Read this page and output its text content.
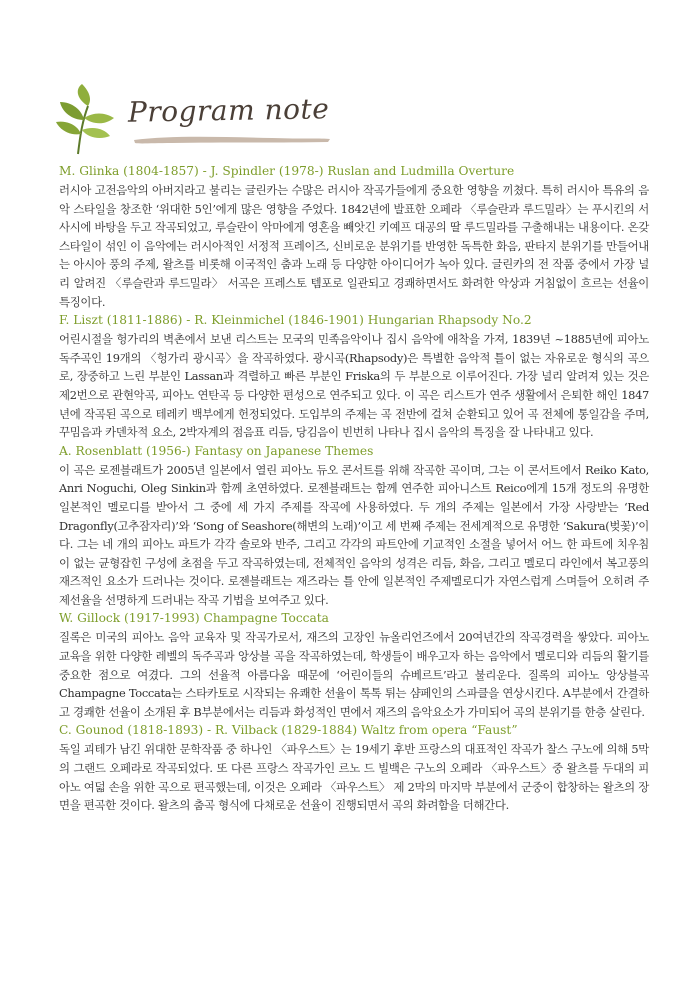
Program note

M. Glinka (1804-1857) - J. Spindler (1978-) Ruslan and Ludmilla Overture

러시아 고전음악의 아버지라고 불리는 글린카는 수많은 러시아 작곡가들에게 중요한 영향을 끼쳤다. 특히 러시아 특유의 음악 스타일을 창조한 ‘위대한 5인’에게 많은 영향을 주었다. 1842년에 발표한 오페라 〈루슬란과 루드밀라〉는 푸시킨의 서사시에 바탕을 두고 작곡되었고, 루슬란이 악마에게 영혼을 빼앗긴 키예프 대공의 딸 루드밀라를 구출해내는 내용이다. 온갖 스타일이 섞인 이 음악에는 러시아적인 서정적 프레이즈, 신비로운 분위기를 반영한 독특한 화음, 판타지 분위기를 만들어내는 아시아 풍의 주제, 왈츠를 비롯해 이국적인 춤과 노래 등 다양한 아이디어가 녹아 있다. 글린카의 전 작품 중에서 가장 널리 알려진 〈루슬란과 루드밀라〉 서곡은 프레스토 템포로 일관되고 경쾌하면서도 화려한 악상과 거침없이 흐르는 선율이 특징이다.

F. Liszt (1811-1886) - R. Kleinmichel (1846-1901) Hungarian Rhapsody No.2

어린시절을 헝가리의 벽촌에서 보낸 리스트는 모국의 민족음악이나 집시 음악에 애착을 가져, 1839년 ~1885년에 피아노독주곡인 19개의 〈헝가리 광시곡〉을 작곡하였다. 광시곡(Rhapsody)은 특별한 음악적 틀이 없는 자유로운 형식의 곡으로, 장중하고 느린 부분인 Lassan과 격렬하고 빠른 부분인 Friska의 두 부분으로 이루어진다. 가장 널리 알려져 있는 것은 제2번으로 관현악곡, 피아노 연탄곡 등 다양한 편성으로 연주되고 있다. 이 곡은 리스트가 연주 생활에서 은퇴한 해인 1847년에 작곡된 곡으로 테레키 백부에게 헌정되었다. 도입부의 주제는 곡 전반에 걸쳐 순환되고 있어 곡 전체에 통일감을 주며, 꾸밈음과 카덴차적 요소, 2박자계의 점음표 리듬, 당김음이 빈번히 나타나 집시 음악의 특징을 잘 나타내고 있다.

A. Rosenblatt (1956-) Fantasy on Japanese Themes

이 곡은 로젠블래트가 2005년 일본에서 열린 피아노 듀오 콘서트를 위해 작곡한 곡이며, 그는 이 콘서트에서 Reiko Kato, Anri Noguchi, Oleg Sinkin과 함께 초연하였다. 로젠블래트는 함께 연주한 피아니스트 Reico에게 15개 정도의 유명한 일본적인 멜로디를 받아서 그 중에 세 가지 주제를 작곡에 사용하였다. 두 개의 주제는 일본에서 가장 사랑받는 ‘Red Dragonfly(고추잠자리)’와 ‘Song of Seashore(해변의 노래)’이고 세 번째 주제는 전세계적으로 유명한 ‘Sakura(벚꽃)’이다. 그는 네 개의 피아노 파트가 각각 솔로와 반주, 그리고 각각의 파트안에 기교적인 소절을 넣어서 어느 한 파트에 치우침이 없는 균형잡힌 구성에 초점을 두고 작곡하였는데, 전체적인 음악의 성격은 리듬, 화음, 그리고 멜로디 라인에서 복고풍의 재즈적인 요소가 드러나는 것이다. 로젠블래트는 재즈라는 틀 안에 일본적인 주제멜로디가 자연스럽게 스며들어 오히려 주제선율을 선명하게 드러내는 작곡 기법을 보여주고 있다.

W. Gillock (1917-1993) Champagne Toccata

질록은 미국의 피아노 음악 교육자 및 작곡가로서, 재즈의 고장인 뉴올리언즈에서 20여년간의 작곡경력을 쌓았다. 피아노 교육을 위한 다양한 레벨의 독주곡과 앙상블 곡을 작곡하였는데, 학생들이 배우고자 하는 음악에서 멜로디와 리듬의 활기를 중요한 점으로 여겼다. 그의 선율적 아름다움 때문에 ‘어린이들의 슈베르트’라고 불리운다. 질록의 피아노 앙상블곡 Champagne Toccata는 스타카토로 시작되는 유쾌한 선율이 톡톡 튀는 샴페인의 스파클을 연상시킨다. A부분에서 간결하고 경쾌한 선율이 소개된 후 B부분에서는 리듬과 화성적인 면에서 재즈의 음악요소가 가미되어 곡의 분위기를 한층 살린다.

C. Gounod (1818-1893) - R. Vilback (1829-1884) Waltz from opera “Faust”

독일 괴테가 남긴 위대한 문학작품 중 하나인 〈파우스트〉는 19세기 후반 프랑스의 대표적인 작곡가 찰스 구노에 의해 5막의 그랜드 오페라로 작곡되었다. 또 다른 프랑스 작곡가인 르노 드 빌백은 구노의 오페라 〈파우스트〉중 왈츠를 두대의 피아노 여덟 손을 위한 곡으로 편곡했는데, 이것은 오페라 〈파우스트〉 제 2막의 마지막 부분에서 군중이 합창하는 왈츠의 장면을 편곡한 것이다. 왈츠의 춤곡 형식에 다채로운 선율이 진행되면서 곡의 화려함을 더해간다.
